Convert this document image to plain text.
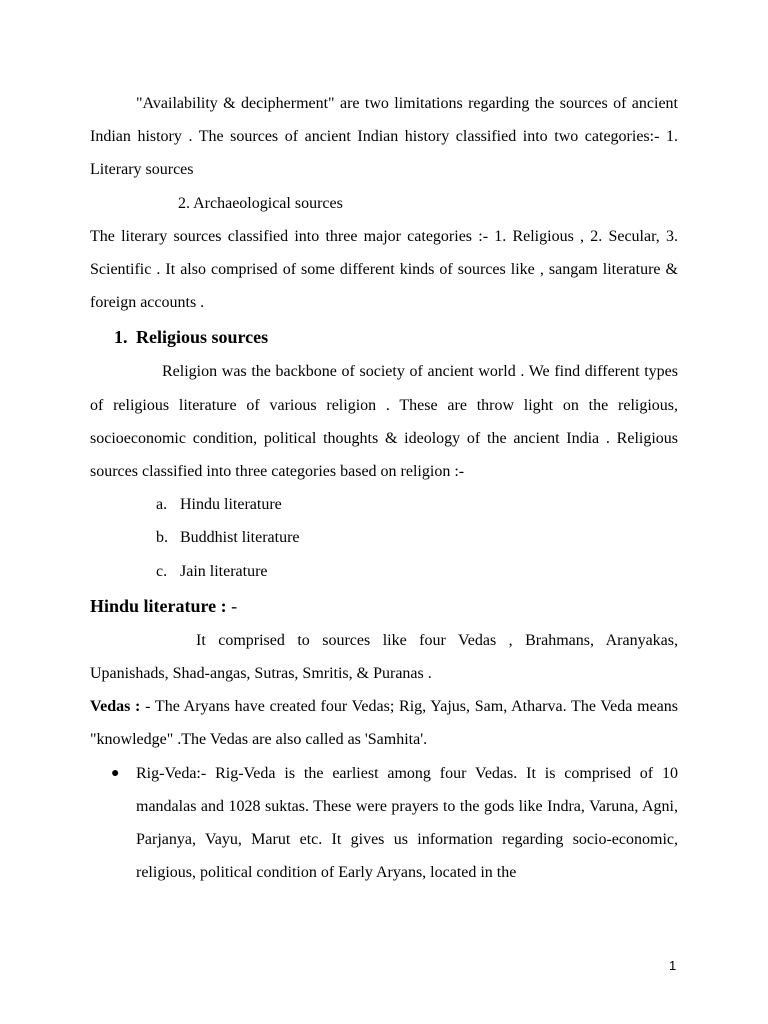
"Availability & decipherment" are two limitations regarding the sources of ancient Indian history . The sources of ancient Indian history classified into two categories:- 1. Literary sources

2. Archaeological sources

The literary sources classified into three major categories :- 1. Religious , 2. Secular, 3. Scientific . It also comprised of some different kinds of sources like , sangam literature & foreign accounts .

1. Religious sources

Religion was the backbone of society of ancient world . We find different types of religious literature of various religion . These are throw light on the religious, socioeconomic condition, political thoughts & ideology of the ancient India . Religious sources classified into three categories based on religion :-

a. Hindu literature
b. Buddhist literature
c. Jain literature
Hindu literature : -

It comprised to sources like four Vedas , Brahmans, Aranyakas, Upanishads, Shad-angas, Sutras, Smritis, & Puranas .

Vedas : - The Aryans have created four Vedas; Rig, Yajus, Sam, Atharva. The Veda means "knowledge" .The Vedas are also called as 'Samhita'.

● Rig-Veda:- Rig-Veda is the earliest among four Vedas. It is comprised of 10 mandalas and 1028 suktas. These were prayers to the gods like Indra, Varuna, Agni, Parjanya, Vayu, Marut etc. It gives us information regarding socio-economic, religious, political condition of Early Aryans, located in the

1
